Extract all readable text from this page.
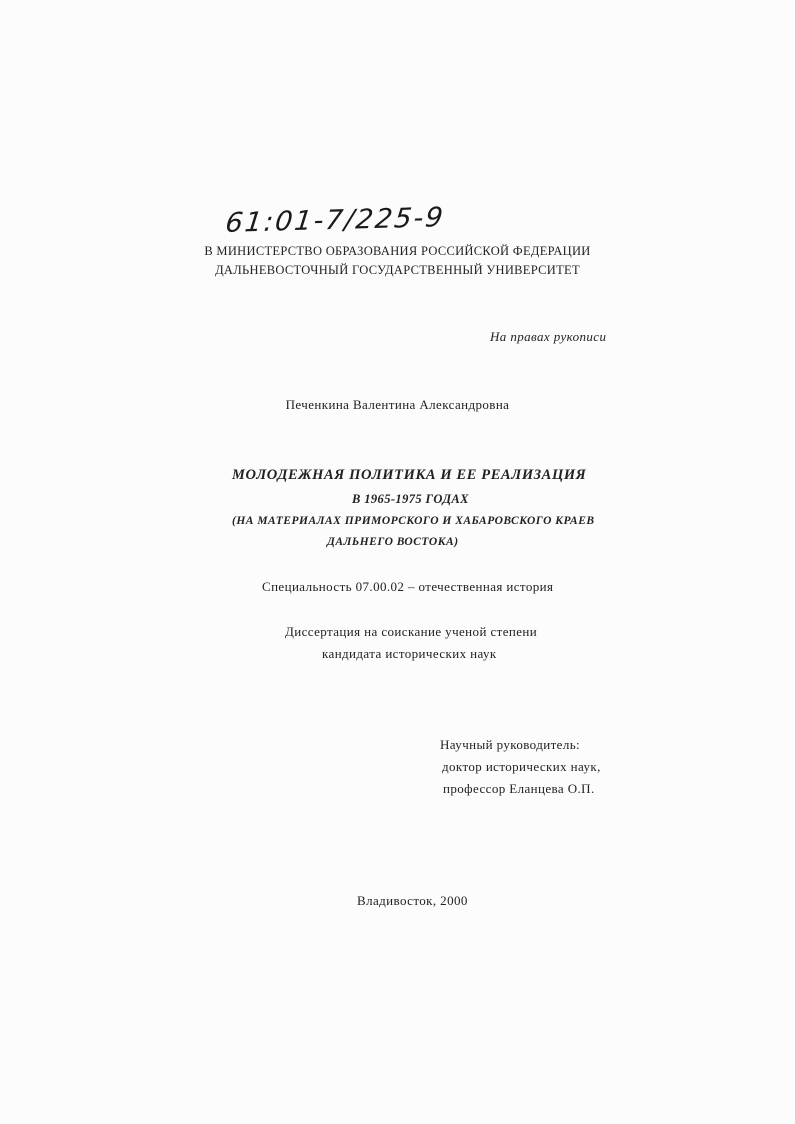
61:01-7/225-9
В МИНИСТЕРСТВО ОБРАЗОВАНИЯ РОССИЙСКОЙ ФЕДЕРАЦИИ
ДАЛЬНЕВОСТОЧНЫЙ ГОСУДАРСТВЕННЫЙ УНИВЕРСИТЕТ
На правах рукописи
Печенкина Валентина Александровна
МОЛОДЕЖНАЯ ПОЛИТИКА И ЕЕ РЕАЛИЗАЦИЯ
В 1965-1975 ГОДАХ
(НА МАТЕРИАЛАХ ПРИМОРСКОГО И ХАБАРОВСКОГО КРАЕВ
ДАЛЬНЕГО ВОСТОКА)
Специальность 07.00.02 – отечественная история
Диссертация на соискание ученой степени
кандидата исторических наук
Научный руководитель:
доктор исторических наук,
профессор Еланцева О.П.
Владивосток, 2000
